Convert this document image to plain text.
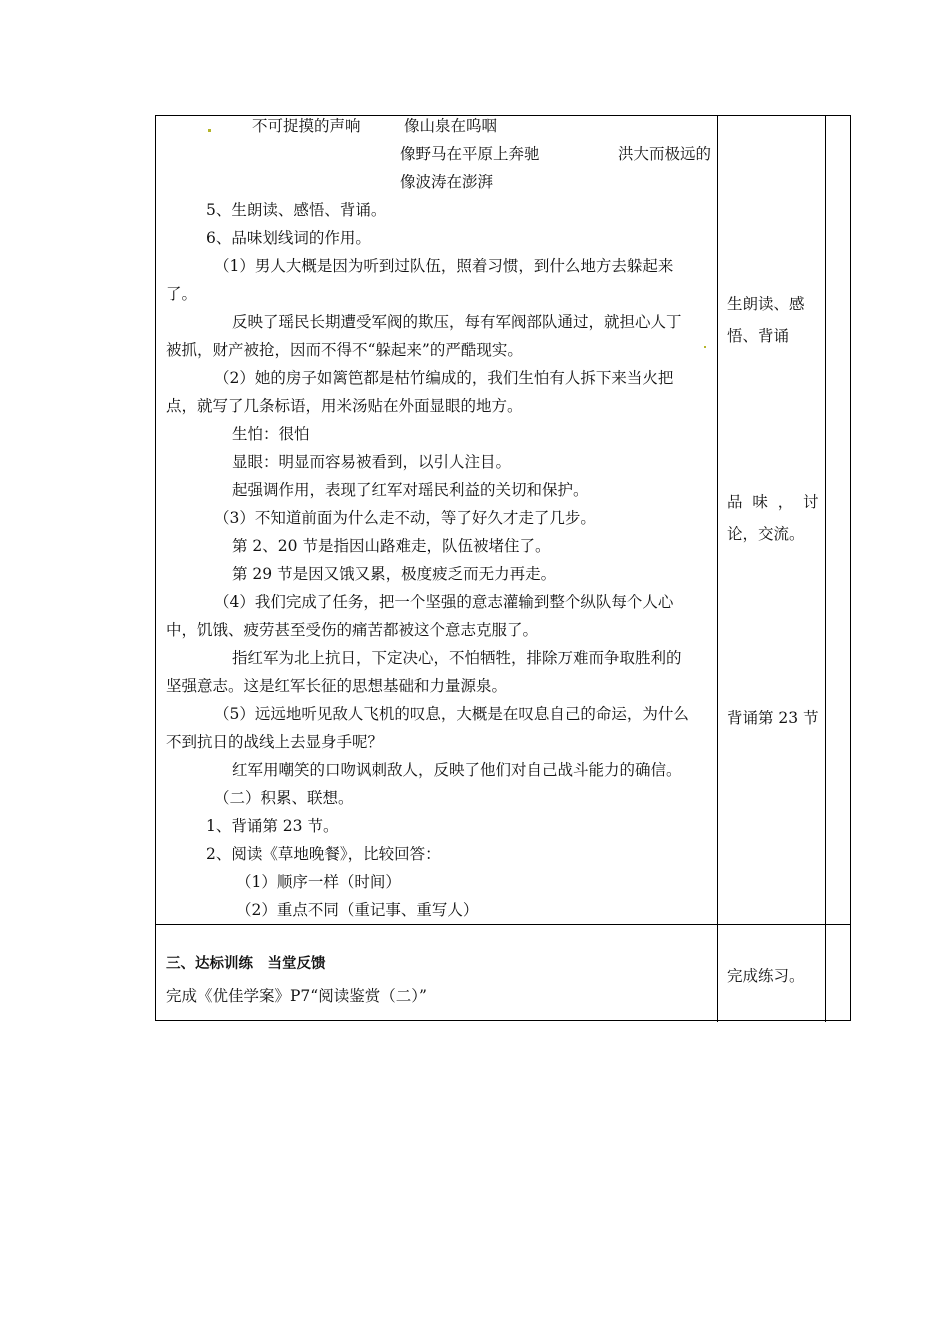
不可捉摸的声响	像山泉在呜咽
像野马在平原上奔驰	洪大而极远的
像波涛在澎湃
5、生朗读、感悟、背诵。
6、品味划线词的作用。
（1）男人大概是因为听到过队伍，照着习惯，到什么地方去躲起来
了。
反映了瑶民长期遭受军阀的欺压，每有军阀部队通过，就担心人丁
被抓，财产被抢，因而不得不“躲起来”的严酷现实。
（2）她的房子如篱笆都是枯竹编成的，我们生怕有人拆下来当火把
点，就写了几条标语，用米汤贴在外面显眼的地方。
生怕：很怕
显眼：明显而容易被看到，以引人注目。
起强调作用，表现了红军对瑶民利益的关切和保护。
（3）不知道前面为什么走不动，等了好久才走了几步。
第 2、20 节是指因山路难走，队伍被堵住了。
第 29 节是因又饿又累，极度疲乏而无力再走。
（4）我们完成了任务，把一个坚强的意志灌输到整个纵队每个人心
中，饥饿、疲劳甚至受伤的痛苦都被这个意志克服了。
指红军为北上抗日，下定决心，不怕牺牲，排除万难而争取胜利的
坚强意志。这是红军长征的思想基础和力量源泉。
（5）远远地听见敌人飞机的叹息，大概是在叹息自己的命运，为什么
不到抗日的战线上去显身手呢？
红军用嘲笑的口吻讽刺敌人，反映了他们对自己战斗能力的确信。
（二）积累、联想。
1、背诵第 23 节。
2、阅读《草地晚餐》，比较回答：
（1）顺序一样（时间）
（2）重点不同（重记事、重写人）
三、达标训练　当堂反馈
完成《优佳学案》P7“阅读鉴赏（二）”
生朗读、感
悟、背诵
品  味  ，  讨
论，交流。
背诵第 23 节
完成练习。
